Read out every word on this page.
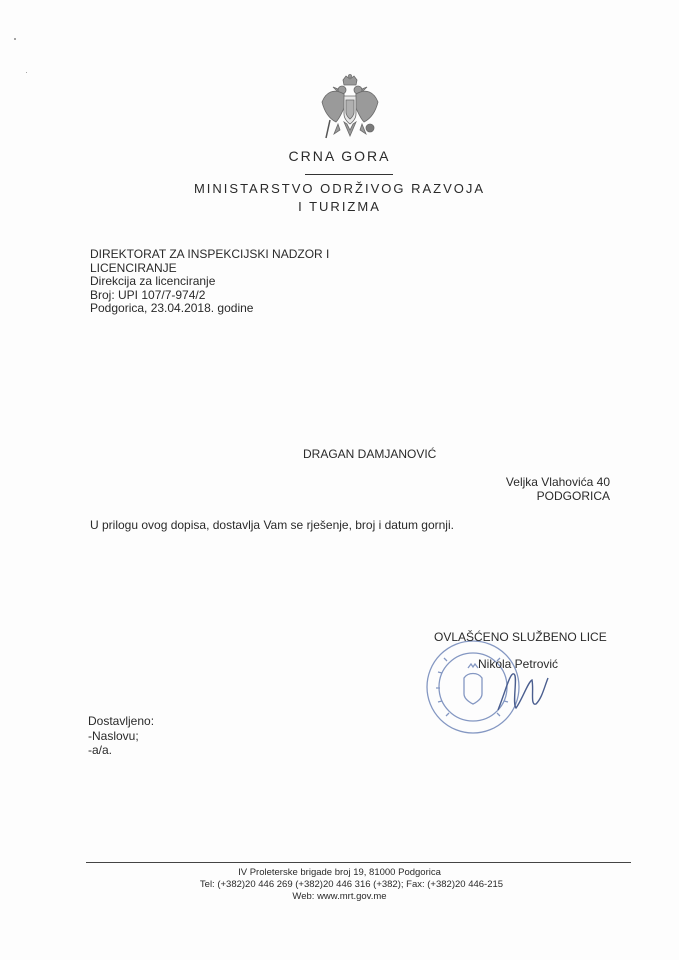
CRNA GORA
MINISTARSTVO ODRŽIVOG RAZVOJA
I TURIZMA
DIREKTORAT ZA INSPEKCIJSKI NADZOR I
LICENCIRANJE
Direkcija za licenciranje
Broj: UPI 107/7-974/2
Podgorica, 23.04.2018. godine
DRAGAN DAMJANOVIĆ
Veljka Vlahovića 40
PODGORICA
U prilogu ovog dopisa, dostavlja Vam se rješenje, broj i datum gornji.
OVLAŠĆENO SLUŽBENO LICE
Nikola Petrović
Dostavljeno:
-Naslovu;
-a/a.
IV Proleterske brigade broj 19, 81000 Podgorica
Tel: (+382)20 446 269 (+382)20 446 316 (+382); Fax: (+382)20 446-215
Web: www.mrt.gov.me
